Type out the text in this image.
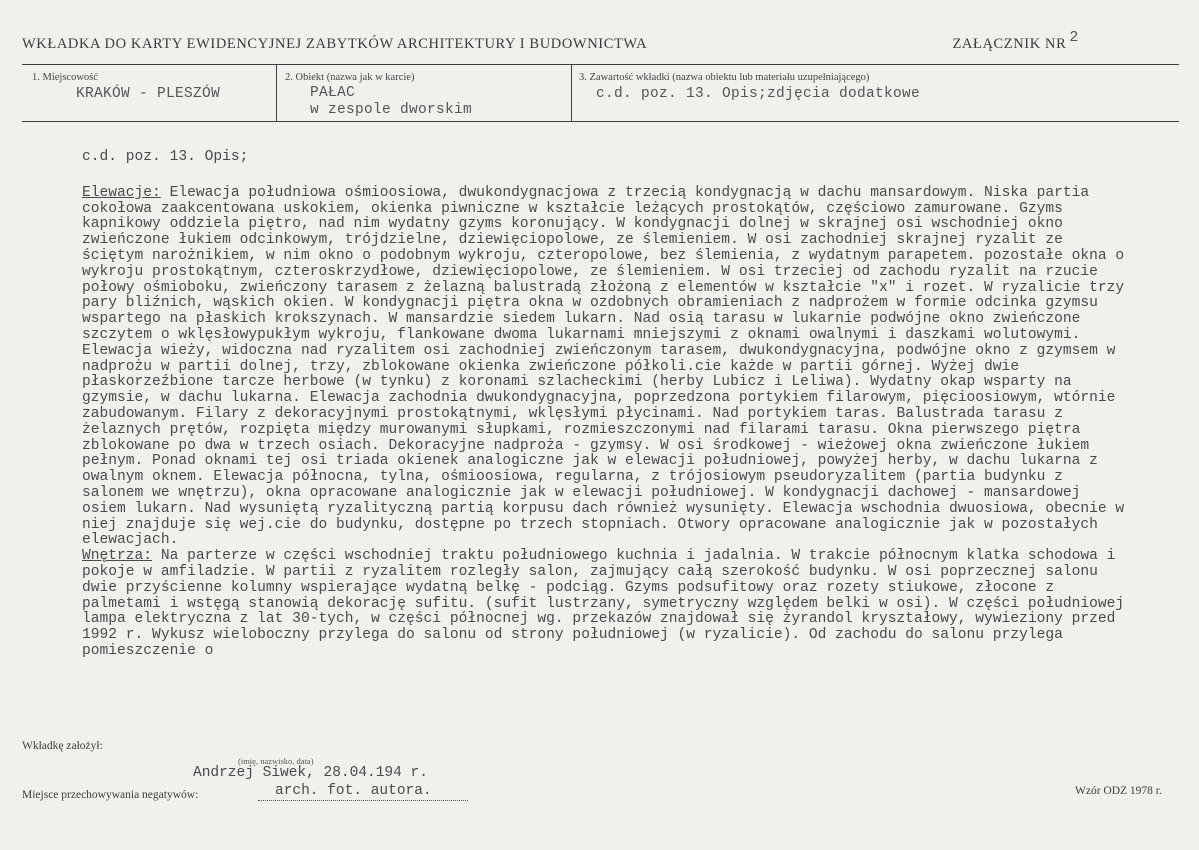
WKŁADKA DO KARTY EWIDENCYJNEJ ZABYTKÓW ARCHITEKTURY I BUDOWNICTWA	ZAŁĄCZNIK NR 2
1. Miejscowość
KRAKÓW - PLESZÓW
2. Obiekt (nazwa jak w karcie)
PAŁAC
w zespole dworskim
3. Zawartość wkładki (nazwa obiektu lub materiału uzupełniającego)
c.d. poz. 13. Opis;zdjęcia dodatkowe

c.d. poz. 13. Opis;

Elewacje: Elewacja południowa ośmioosiowa, dwukondygnacjowa z trzecią kondygnacją w dachu mansardowym. Niska partia cokołowa zaakcentowana uskokiem, okienka piwniczne w kształcie leżących prostokątów, częściowo zamurowane. Gzyms kapnikowy oddziela piętro, nad nim wydatny gzyms koronujący. W kondygnacji dolnej w skrajnej osi wschodniej okno zwieńczone łukiem odcinkowym, trójdzielne, dziewięciopolowe, ze ślemieniem. W osi zachodniej skrajnej ryzalit ze ściętym narożnikiem, w nim okno o podobnym wykroju, czteropolowe, bez ślemienia, z wydatnym parapetem. pozostałe okna o wykroju prostokątnym, czteroskrzydłowe, dziewięciopolowe, ze ślemieniem. W osi trzeciej od zachodu ryzalit na rzucie połowy ośmioboku, zwieńczony tarasem z żelazną balustradą złożoną z elementów w kształcie "x" i rozet. W ryzalicie trzy pary bliźnich, wąskich okien. W kondygnacji piętra okna w ozdobnych obramieniach z nadprożem w formie odcinka gzymsu wspartego na płaskich krokszynach. W mansardzie siedem lukarn. Nad osią tarasu w lukarnie podwójne okno zwieńczone szczytem o wklęsłowypukłym wykroju, flankowane dwoma lukarnami mniejszymi z oknami owalnymi i daszkami wolutowymi. Elewacja wieży, widoczna nad ryzalitem osi zachodniej zwieńczonym tarasem, dwukondygnacyjna, podwójne okno z gzymsem w nadprożu w partii dolnej, trzy, zblokowane okienka zwieńczone półkoli.cie każde w partii górnej. Wyżej dwie płaskorzeźbione tarcze herbowe (w tynku) z koronami szlacheckimi (herby Lubicz i Leliwa). Wydatny okap wsparty na gzymsie, w dachu lukarna. Elewacja zachodnia dwukondygnacyjna, poprzedzona portykiem filarowym, pięcioosiowym, wtórnie zabudowanym. Filary z dekoracyjnymi prostokątnymi, wklęsłymi płycinami. Nad portykiem taras. Balustrada tarasu z żelaznych prętów, rozpięta między murowanymi słupkami, rozmieszczonymi nad filarami tarasu. Okna pierwszego piętra zblokowane po dwa w trzech osiach. Dekoracyjne nadproża - gzymsy. W osi środkowej - wieżowej okna zwieńczone łukiem pełnym. Ponad oknami tej osi triada okienek analogiczne jak w elewacji południowej, powyżej herby, w dachu lukarna z owalnym oknem. Elewacja północna, tylna, ośmioosiowa, regularna, z trójosiowym pseudoryzalitem (partia budynku z salonem we wnętrzu), okna opracowane analogicznie jak w elewacji południowej. W kondygnacji dachowej - mansardowej osiem lukarn. Nad wysuniętą ryzalityczną partią korpusu dach również wysunięty. Elewacja wschodnia dwuosiowa, obecnie w niej znajduje się wej.cie do budynku, dostępne po trzech stopniach. Otwory opracowane analogicznie jak w pozostałych elewacjach.

Wnętrza: Na parterze w części wschodniej traktu południowego kuchnia i jadalnia. W trakcie północnym klatka schodowa i pokoje w amfiladzie. W partii z ryzalitem rozległy salon, zajmujący całą szerokość budynku. W osi poprzecznej salonu dwie przyścienne kolumny wspierające wydatną belkę - podciąg. Gzyms podsufitowy oraz rozety stiukowe, złocone z palmetami i wstęgą stanowią dekorację sufitu. (sufit lustrzany, symetryczny względem belki w osi). W części południowej lampa elektryczna z lat 30-tych, w części północnej wg. przekazów znajdował się żyrandol kryształowy, wywieziony przed 1992 r. Wykusz wieloboczny przylega do salonu od strony południowej (w ryzalicie). Od zachodu do salonu przylega pomieszczenie o

Wkładkę założył:
(imię, nazwisko, data)
Andrzej Siwek, 28.04.194 r.
Miejsce przechowywania negatywów:	arch. fot. autora.	Wzór ODZ 1978 r.
